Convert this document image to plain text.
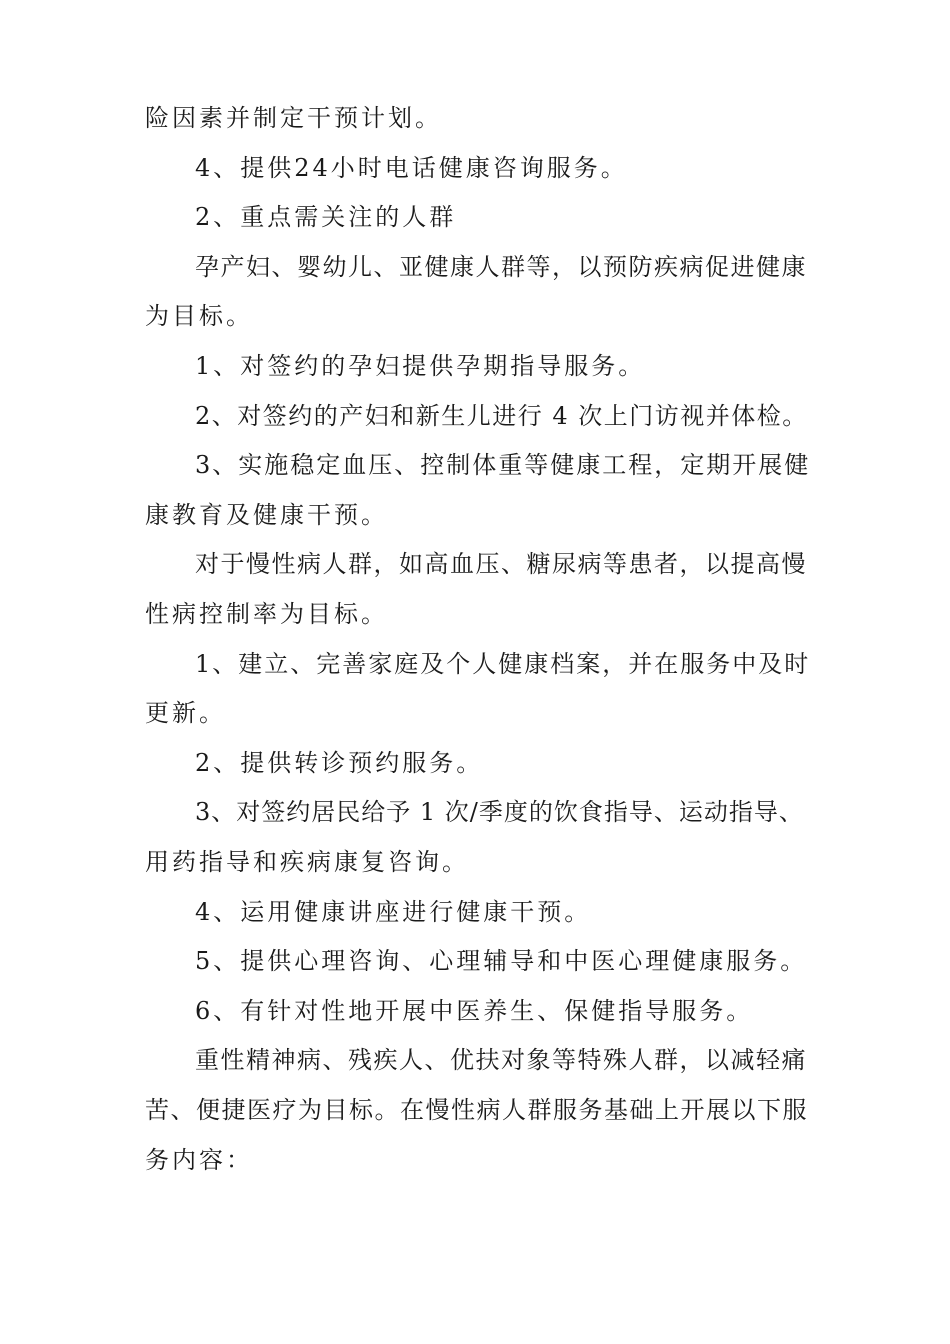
险因素并制定干预计划。
4、提供24小时电话健康咨询服务。
2、重点需关注的人群
孕产妇、婴幼儿、亚健康人群等，以预防疾病促进健康
为目标。
1、对签约的孕妇提供孕期指导服务。
2、对签约的产妇和新生儿进行 4 次上门访视并体检。
3、实施稳定血压、控制体重等健康工程，定期开展健
康教育及健康干预。
对于慢性病人群，如高血压、糖尿病等患者，以提高慢
性病控制率为目标。
1、建立、完善家庭及个人健康档案，并在服务中及时
更新。
2、提供转诊预约服务。
3、对签约居民给予 1 次/季度的饮食指导、运动指导、
用药指导和疾病康复咨询。
4、运用健康讲座进行健康干预。
5、提供心理咨询、心理辅导和中医心理健康服务。
6、有针对性地开展中医养生、保健指导服务。
重性精神病、残疾人、优扶对象等特殊人群，以减轻痛
苦、便捷医疗为目标。在慢性病人群服务基础上开展以下服
务内容：
